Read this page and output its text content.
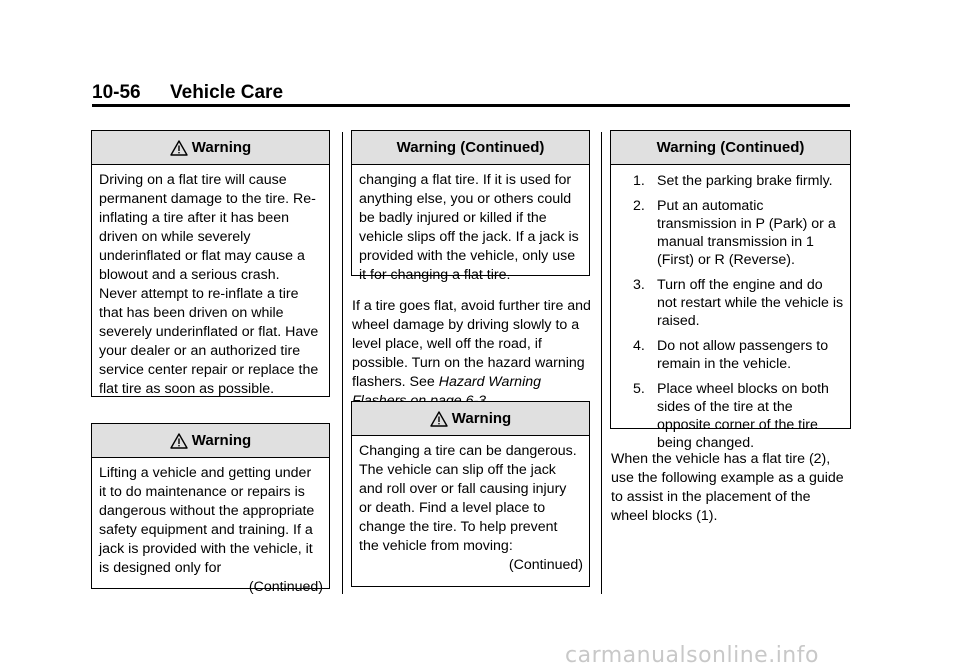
10-56 Vehicle Care
Warning
Driving on a flat tire will cause permanent damage to the tire. Re-inflating a tire after it has been driven on while severely underinflated or flat may cause a blowout and a serious crash. Never attempt to re-inflate a tire that has been driven on while severely underinflated or flat. Have your dealer or an authorized tire service center repair or replace the flat tire as soon as possible.
Warning
Lifting a vehicle and getting under it to do maintenance or repairs is dangerous without the appropriate safety equipment and training. If a jack is provided with the vehicle, it is designed only for
(Continued)
Warning (Continued)
changing a flat tire. If it is used for anything else, you or others could be badly injured or killed if the vehicle slips off the jack. If a jack is provided with the vehicle, only use it for changing a flat tire.
If a tire goes flat, avoid further tire and wheel damage by driving slowly to a level place, well off the road, if possible. Turn on the hazard warning flashers. See Hazard Warning
Warning
Changing a tire can be dangerous. The vehicle can slip off the jack and roll over or fall causing injury or death. Find a level place to change the tire. To help prevent the vehicle from moving:
(Continued)
Warning (Continued)
1. Set the parking brake firmly.
2. Put an automatic transmission in P (Park) or a manual transmission in 1 (First) or R (Reverse).
3. Turn off the engine and do not restart while the vehicle is raised.
4. Do not allow passengers to remain in the vehicle.
5. Place wheel blocks on both sides of the tire at the opposite corner of the tire being changed.
When the vehicle has a flat tire (2), use the following example as a guide to assist in the placement of the wheel blocks (1).
carmanualsonline.info
